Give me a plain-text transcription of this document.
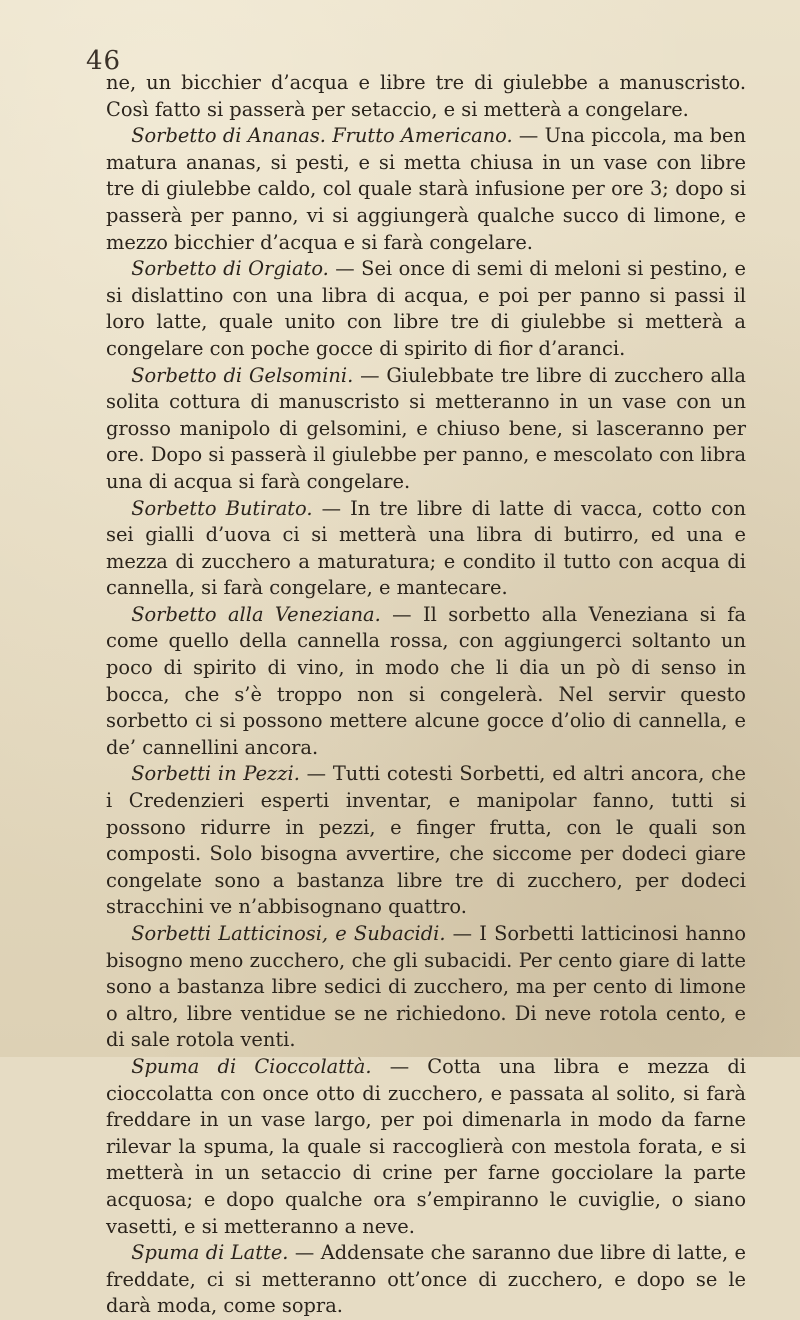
46

ne, un bicchier d’acqua e libre tre di giulebbe a manuscristo. Così fatto si passerà per setaccio, e si metterà a congelare.

Sorbetto di Ananas. Frutto Americano. — Una piccola, ma ben matura ananas, si pesti, e si metta chiusa in un vase con libre tre di giulebbe caldo, col quale starà infusione per ore 3; dopo si passerà per panno, vi si aggiungerà qualche succo di limone, e mezzo bicchier d’acqua e si farà congelare.

Sorbetto di Orgiato. — Sei once di semi di meloni si pestino, e si dislattino con una libra di acqua, e poi per panno si passi il loro latte, quale unito con libre tre di giulebbe si metterà a congelare con poche gocce di spirito di fior d’aranci.

Sorbetto di Gelsomini. — Giulebbate tre libre di zucchero alla solita cottura di manuscristo si metteranno in un vase con un grosso manipolo di gelsomini, e chiuso bene, si lasceranno per ore. Dopo si passerà il giulebbe per panno, e mescolato con libra una di acqua si farà congelare.

Sorbetto Butirato. — In tre libre di latte di vacca, cotto con sei gialli d’uova ci si metterà una libra di butirro, ed una e mezza di zucchero a maturatura; e condito il tutto con acqua di cannella, si farà congelare, e mantecare.

Sorbetto alla Veneziana. — Il sorbetto alla Veneziana si fa come quello della cannella rossa, con aggiungerci soltanto un poco di spirito di vino, in modo che li dia un pò di senso in bocca, che s’è troppo non si congelerà. Nel servir questo sorbetto ci si possono mettere alcune gocce d’olio di cannella, e de’ cannellini ancora.

Sorbetti in Pezzi. — Tutti cotesti Sorbetti, ed altri ancora, che i Credenzieri esperti inventar, e manipolar fanno, tutti si possono ridurre in pezzi, e finger frutta, con le quali son composti. Solo bisogna avvertire, che siccome per dodeci giare congelate sono a bastanza libre tre di zucchero, per dodeci stracchini ve n’abbisognano quattro.

Sorbetti Latticinosi, e Subacidi. — I Sorbetti latticinosi hanno bisogno meno zucchero, che gli subacidi. Per cento giare di latte sono a bastanza libre sedici di zucchero, ma per cento di limone o altro, libre ventidue se ne richiedono. Di neve rotola cento, e di sale rotola venti.

Spuma di Cioccolattà. — Cotta una libra e mezza di cioccolatta con once otto di zucchero, e passata al solito, si farà freddare in un vase largo, per poi dimenarla in modo da farne rilevar la spuma, la quale si raccoglierà con mestola forata, e si metterà in un setaccio di crine per farne gocciolare la parte acquosa; e dopo qualche ora s’empiranno le cuviglie, o siano vasetti, e si metteranno a neve.

Spuma di Latte. — Addensate che saranno due libre di latte, e freddate, ci si metteranno ott’once di zucchero, e dopo se le darà moda, come sopra.
